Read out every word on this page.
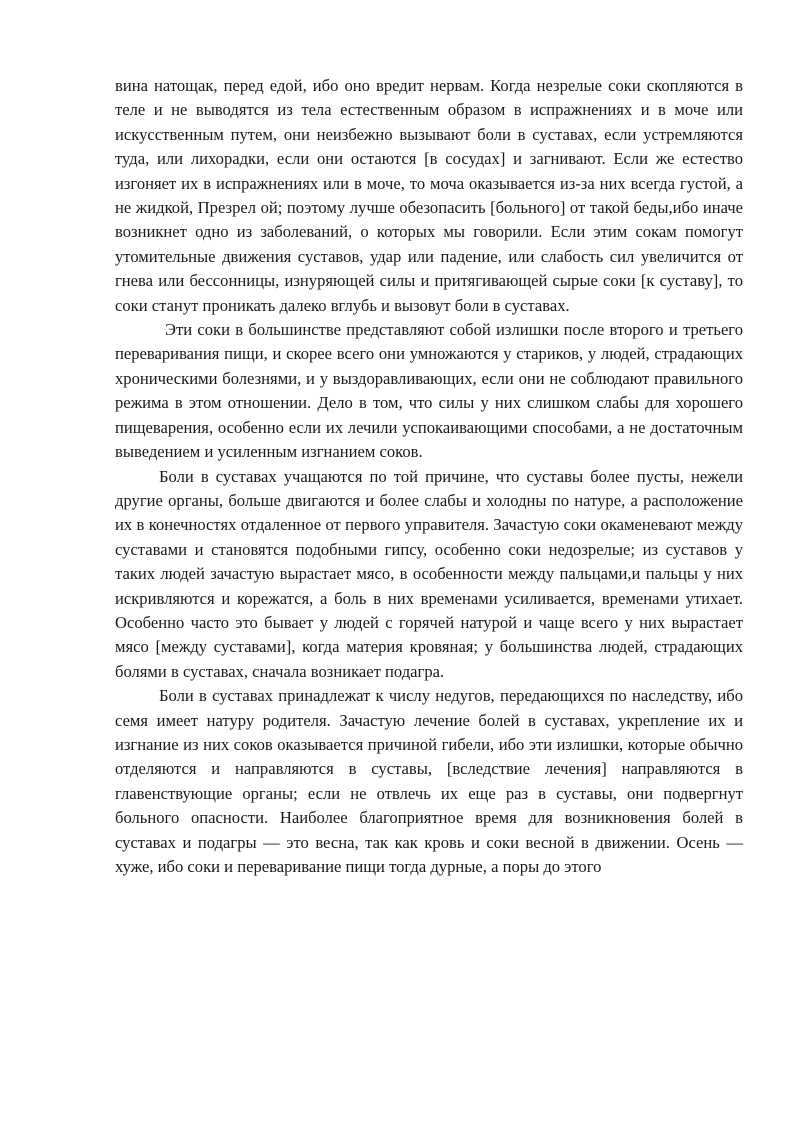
вина натощак, перед едой, ибо оно вредит нервам. Когда незрелые соки скопляются в теле и не выводятся из тела естественным образом в испражнениях и в моче или искусственным путем, они неизбежно вызывают боли в суставах, если устремляются туда, или лихорадки, если они остаются [в сосудах] и загнивают. Если же естество изгоняет их в испражнениях или в моче, то моча оказывается из-за них всегда густой, а не жидкой, Презрел ой; поэтому лучше обезопасить [больного] от такой беды,ибо иначе возникнет одно из заболеваний, о которых мы говорили. Если этим сокам помогут утомительные движения суставов, удар или падение, или слабость сил увеличится от гнева или бессонницы, изнуряющей силы и притягивающей сырые соки [к суставу], то соки станут проникать далеко вглубь и вызовут боли в суставах.

Эти соки в большинстве представляют собой излишки после второго и третьего переваривания пищи, и скорее всего они умножаются у стариков, у людей, страдающих хроническими болезнями, и у выздоравливающих, если они не соблюдают правильного режима в этом отношении. Дело в том, что силы у них слишком слабы для хорошего пищеварения, особенно если их лечили успокаивающими способами, а не достаточным выведением и усиленным изгнанием соков.

Боли в суставах учащаются по той причине, что суставы более пусты, нежели другие органы, больше двигаются и более слабы и холодны по натуре, а расположение их в конечностях отдаленное от первого управителя. Зачастую соки окаменевают между суставами и становятся подобными гипсу, особенно соки недозрелые; из суставов у таких людей зачастую вырастает мясо, в особенности между пальцами,и пальцы у них искривляются и корежатся, а боль в них временами усиливается, временами утихает. Особенно часто это бывает у людей с горячей натурой и чаще всего у них вырастает мясо [между суставами], когда материя кровяная; у большинства людей, страдающих болями в суставах, сначала возникает подагра.

Боли в суставах принадлежат к числу недугов, передающихся по наследству, ибо семя имеет натуру родителя. Зачастую лечение болей в суставах, укрепление их и изгнание из них соков оказывается причиной гибели, ибо эти излишки, которые обычно отделяются и направляются в суставы, [вследствие лечения] направляются в главенствующие органы; если не отвлечь их еще раз в суставы, они подвергнут больного опасности. Наиболее благоприятное время для возникновения болей в суставах и подагры — это весна, так как кровь и соки весной в движении. Осень — хуже, ибо соки и переваривание пищи тогда дурные, а поры до этого
